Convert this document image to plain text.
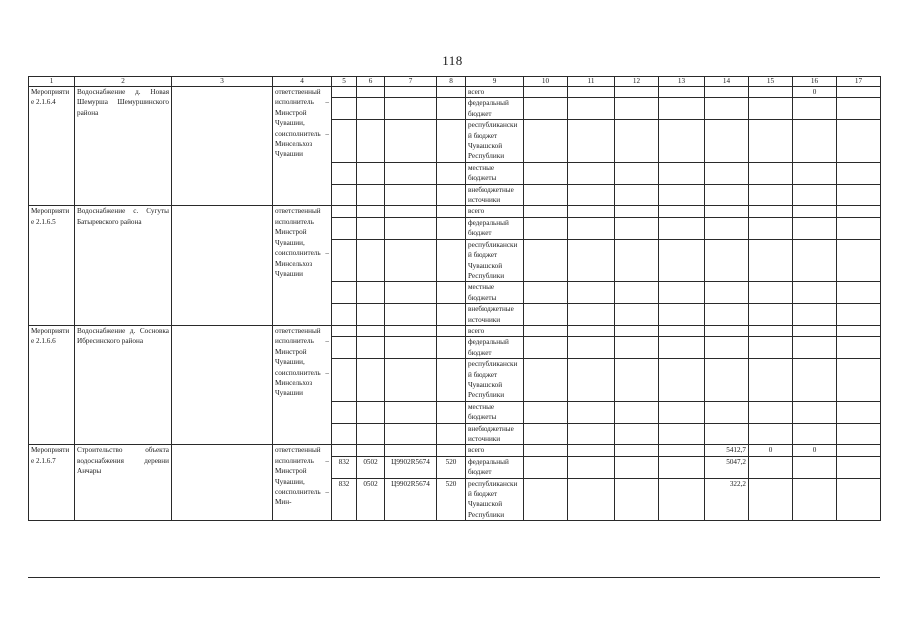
118
1	2	3	4	5	6	7	8	9	10	11	12	13	14	15	16	17
Мероприятие 2.1.6.4	Водоснабжение д. Новая Шемурша Шемуршинского района		ответственный исполнитель – Минстрой Чувашии, соисполнитель – Минсельхоз Чувашии					всего							0	
								федеральный бюджет								
								республиканский бюджет Чувашской Республики								
								местные бюджеты								
								внебюджетные источники								
Мероприятие 2.1.6.5	Водоснабжение с. Сугуты Батыревского района		ответственный исполнитель Минстрой Чувашии, соисполнитель – Минсельхоз Чувашии					всего								
								федеральный бюджет								
								республиканский бюджет Чувашской Республики								
								местные бюджеты								
								внебюджетные источники								
Мероприятие 2.1.6.6	Водоснабжение д. Сосновка Ибресинского района		ответственный исполнитель – Минстрой Чувашии, соисполнитель – Минсельхоз Чувашии					всего								
								федеральный бюджет								
								республиканский бюджет Чувашской Республики								
								местные бюджеты								
								внебюджетные источники								
Мероприятие 2.1.6.7	Строительство объекта водоснабжения деревни Анчары		ответственный исполнитель – Минстрой Чувашии, соисполнитель – Мин-					всего					5412,7	0	0	
				832	0502	Ц9902R5674	520	федеральный бюджет					5047,2			
				832	0502	Ц9902R5674	520	республиканский бюджет Чувашской Республики					322,2			
